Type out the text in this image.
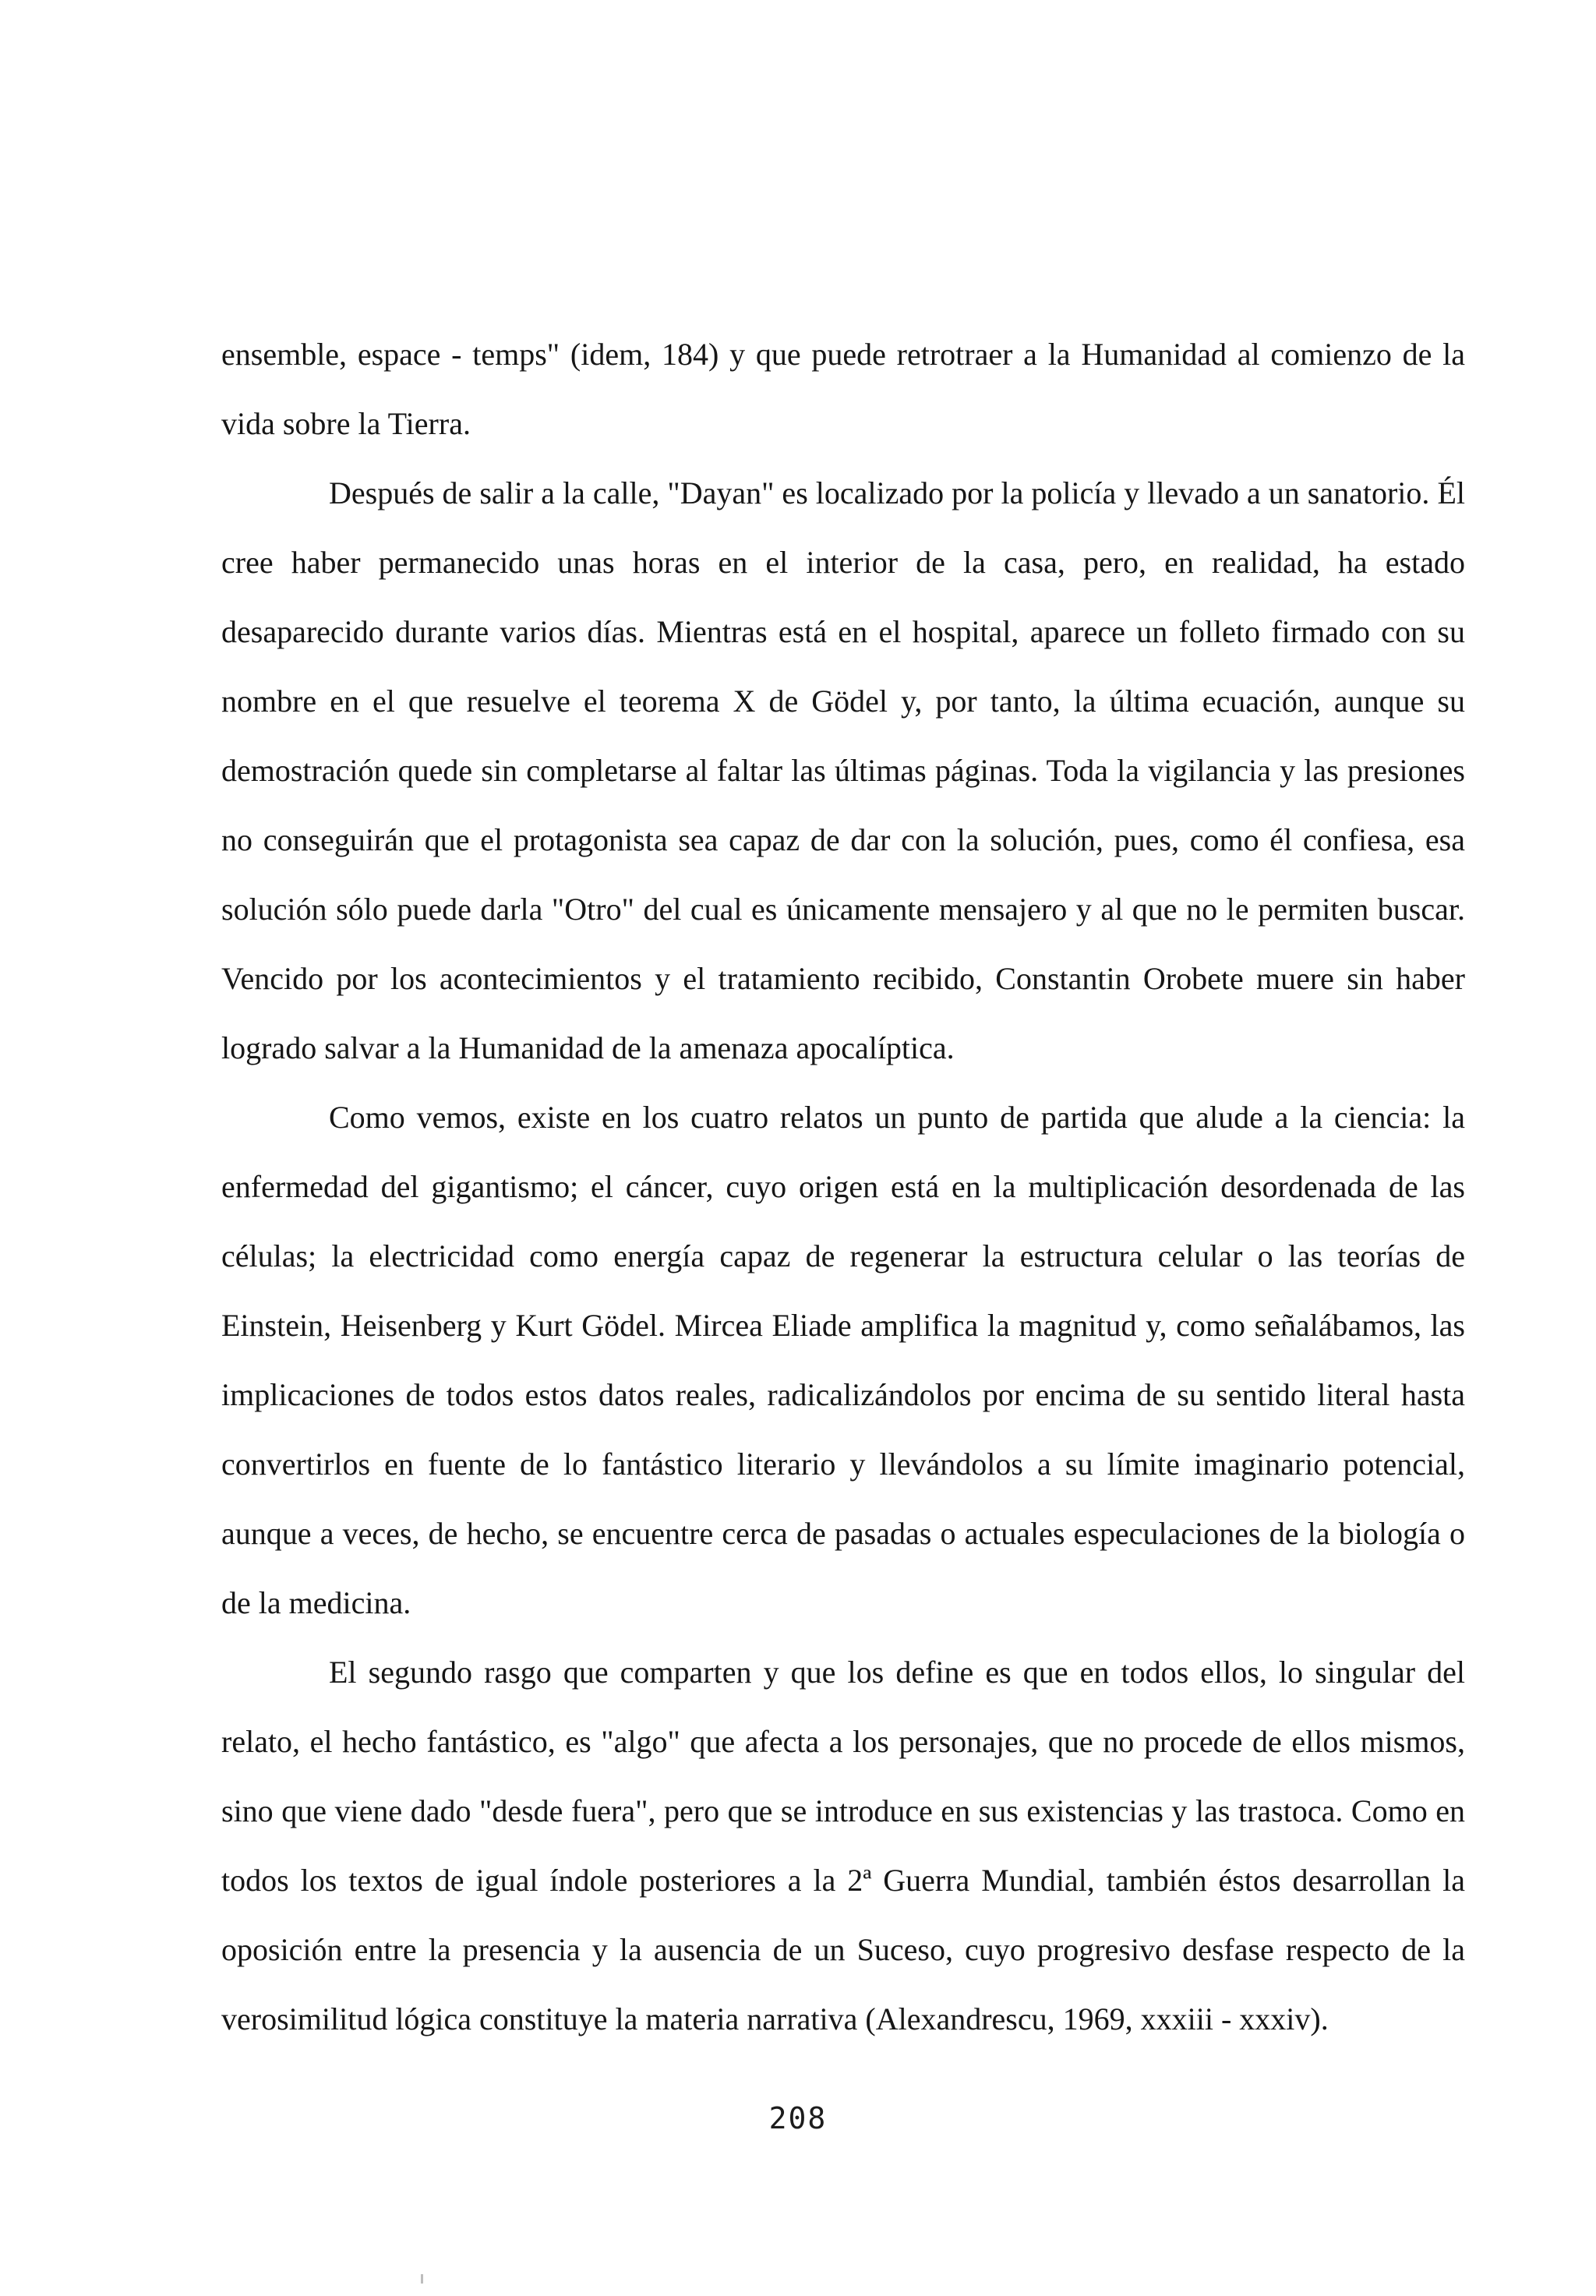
ensemble, espace - temps" (idem, 184) y que puede retrotraer a la Humanidad al comienzo de la vida sobre la Tierra.

Después de salir a la calle, "Dayan" es localizado por la policía y llevado a un sanatorio. Él cree haber permanecido unas horas en el interior de la casa, pero, en realidad, ha estado desaparecido durante varios días. Mientras está en el hospital, aparece un folleto firmado con su nombre en el que resuelve el teorema X de Gödel y, por tanto, la última ecuación, aunque su demostración quede sin completarse al faltar las últimas páginas. Toda la vigilancia y las presiones no conseguirán que el protagonista sea capaz de dar con la solución, pues, como él confiesa, esa solución sólo puede darla "Otro" del cual es únicamente mensajero y al que no le permiten buscar. Vencido por los acontecimientos y el tratamiento recibido, Constantin Orobete muere sin haber logrado salvar a la Humanidad de la amenaza apocalíptica.

Como vemos, existe en los cuatro relatos un punto de partida que alude a la ciencia: la enfermedad del gigantismo; el cáncer, cuyo origen está en la multiplicación desordenada de las células; la electricidad como energía capaz de regenerar la estructura celular o las teorías de Einstein, Heisenberg y Kurt Gödel. Mircea Eliade amplifica la magnitud y, como señalábamos, las implicaciones de todos estos datos reales, radicalizándolos por encima de su sentido literal hasta convertirlos en fuente de lo fantástico literario y llevándolos a su límite imaginario potencial, aunque a veces, de hecho, se encuentre cerca de pasadas o actuales especulaciones de la biología o de la medicina.

El segundo rasgo que comparten y que los define es que en todos ellos, lo singular del relato, el hecho fantástico, es "algo" que afecta a los personajes, que no procede de ellos mismos, sino que viene dado "desde fuera", pero que se introduce en sus existencias y las trastoca. Como en todos los textos de igual índole posteriores a la 2ª Guerra Mundial, también éstos desarrollan la oposición entre la presencia y la ausencia de un Suceso, cuyo progresivo desfase respecto de la verosimilitud lógica constituye la materia narrativa (Alexandrescu, 1969, xxxiii - xxxiv).

208
